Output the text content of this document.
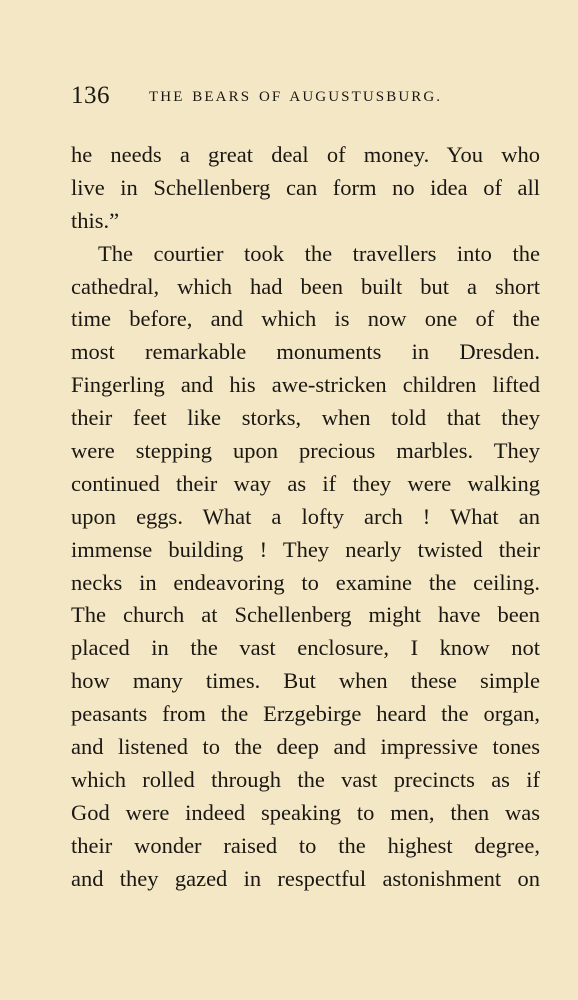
136	THE BEARS OF AUGUSTUSBURG.
he needs a great deal of money. You who
live in Schellenberg can form no idea of all
this.”
The courtier took the travellers into the
cathedral, which had been built but a short
time before, and which is now one of the
most remarkable monuments in Dresden.
Fingerling and his awe-stricken children lifted
their feet like storks, when told that they
were stepping upon precious marbles. They
continued their way as if they were walking
upon eggs. What a lofty arch ! What an
immense building ! They nearly twisted their
necks in endeavoring to examine the ceiling.
The church at Schellenberg might have been
placed in the vast enclosure, I know not
how many times. But when these simple
peasants from the Erzgebirge heard the organ,
and listened to the deep and impressive tones
which rolled through the vast precincts as if
God were indeed speaking to men, then was
their wonder raised to the highest degree,
and they gazed in respectful astonishment on
